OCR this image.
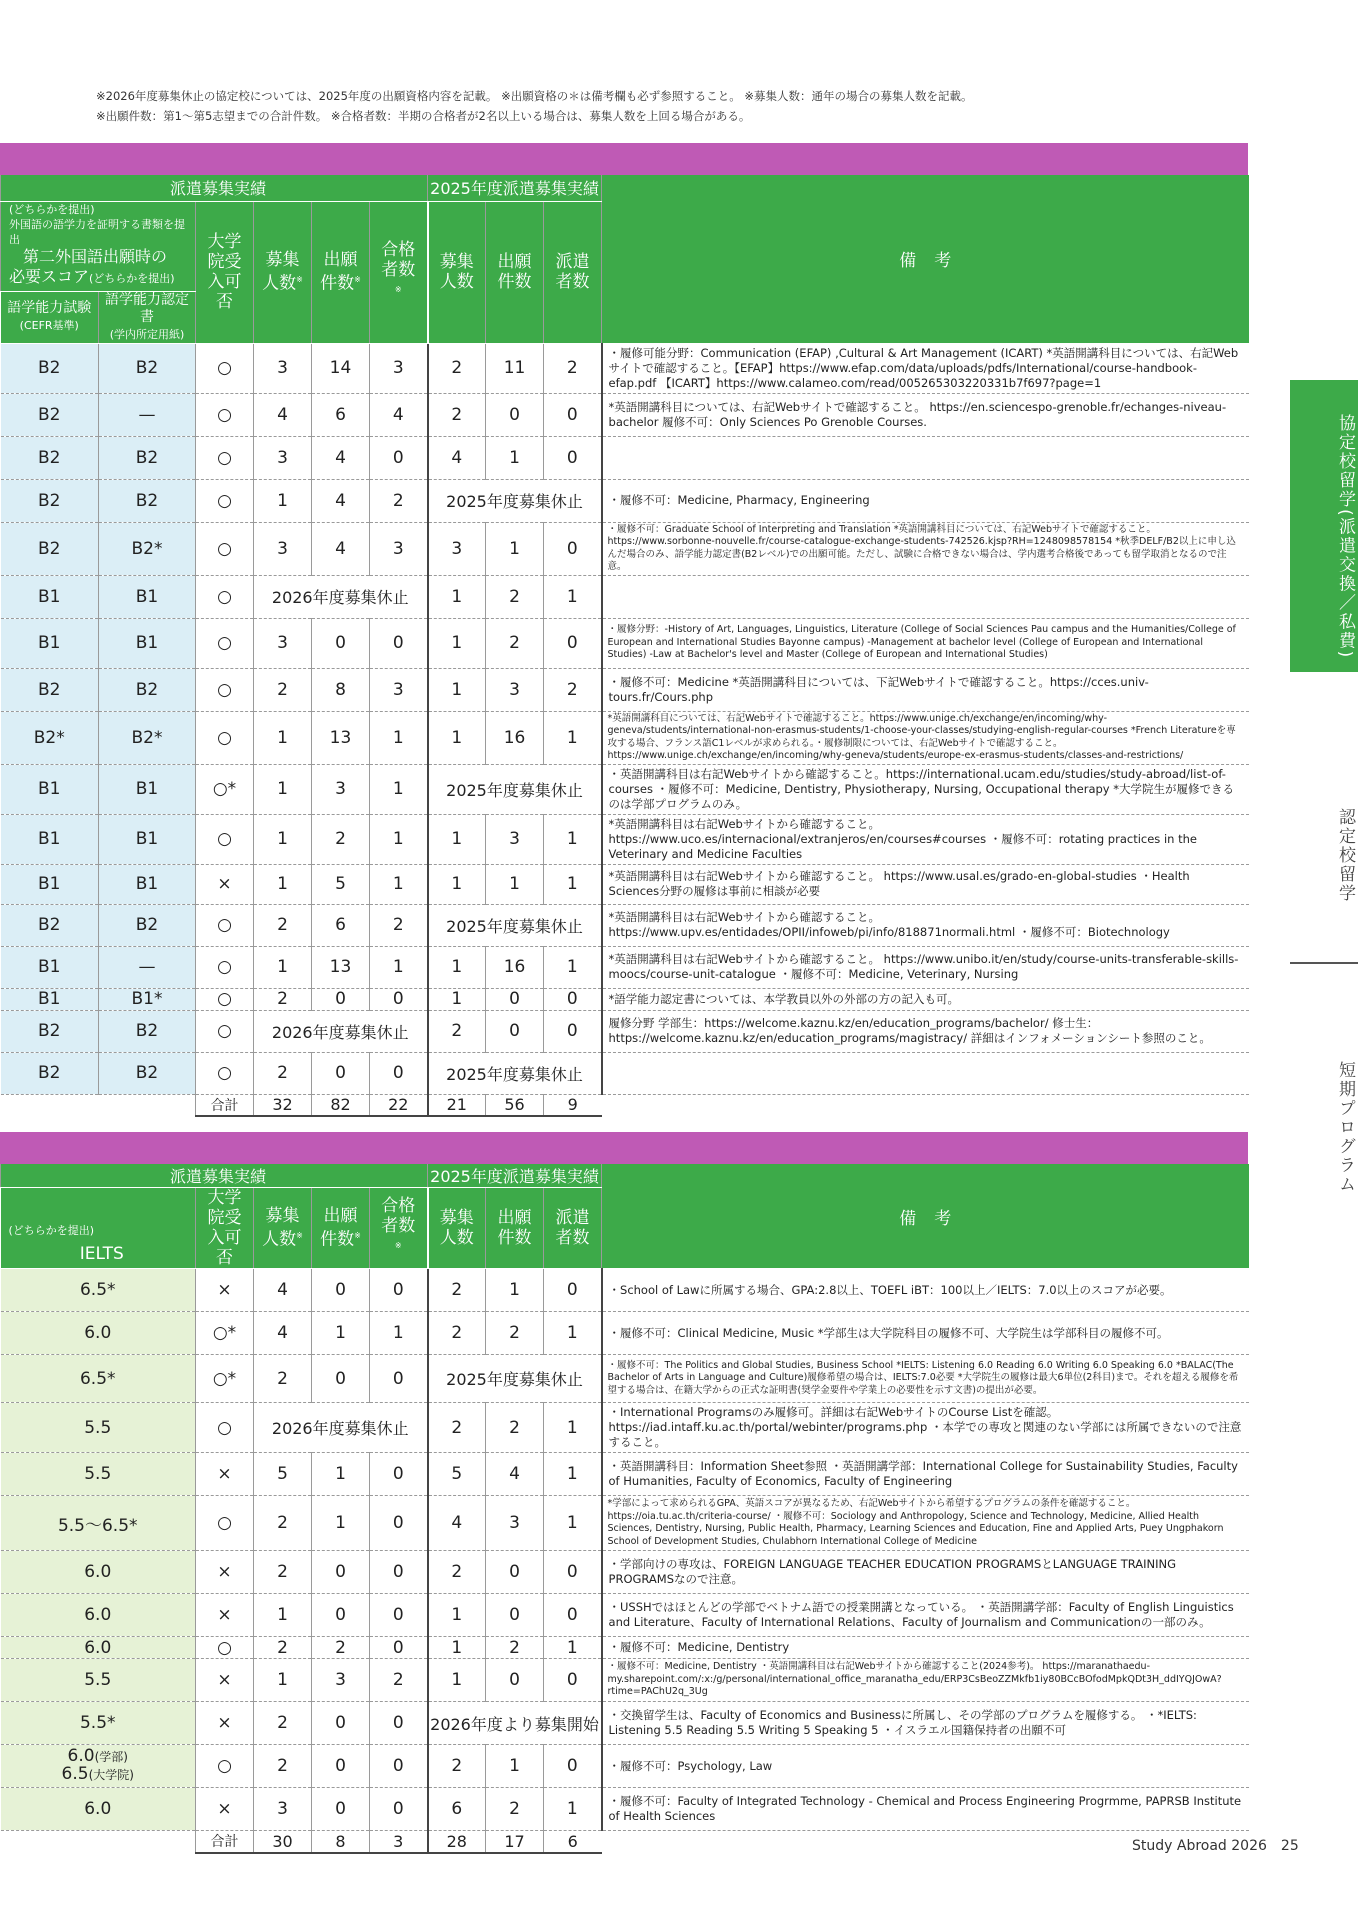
※2026年度募集休止の協定校については、2025年度の出願資格内容を記載。 ※出願資格の＊は備考欄も必ず参照すること。 ※募集人数：通年の場合の募集人数を記載。
※出願件数：第1〜第5志望までの合計件数。 ※合格者数：半期の合格者が2名以上いる場合は、募集人数を上回る場合がある。
派遣募集実績						2025年度派遣募集実績			備考

(どちらかを提出)
外国語の語学力を証明する書類を提出
第二外国語出願時の
必要スコア(どちらかを提出)		大学院受入可否	募集人数※	出願件数※	合格者数※	募集人数	出願件数	派遣者数	

語学能力試験
(CEFR基準)	語学能力認定書
(学内所定用紙)								

B2	B2	○	3	14	3	2	11	2	・履修可能分野：Communication (EFAP) ,Cultural & Art Management (ICART) *英語開講科目については、右記Webサイトで確認すること。【EFAP】https://www.efap.com/data/uploads/pdfs/International/course-handbook-efap.pdf 【ICART】https://www.calameo.com/read/005265303220331b7f697?page=1
B2	—	○	4	6	4	2	0	0	*英語開講科目については、右記Webサイトで確認すること。 https://en.sciencespo-grenoble.fr/echanges-niveau-bachelor 履修不可：Only Sciences Po Grenoble Courses.
B2	B2	○	3	4	0	4	1	0	
B2	B2	○	1	4	2	2025年度募集休止			・履修不可：Medicine, Pharmacy, Engineering
B2	B2*	○	3	4	3	3	1	0	・履修不可：Graduate School of Interpreting and Translation *英語開講科目については、右記Webサイトで確認すること。https://www.sorbonne-nouvelle.fr/course-catalogue-exchange-students-742526.kjsp?RH=1248098578154 *秋季DELF/B2以上に申し込んだ場合のみ、語学能力認定書(B2レベル)での出願可能。ただし、試験に合格できない場合は、学内選考合格後であっても留学取消となるので注意。
B1	B1	○	2026年度募集休止			1	2	1	
B1	B1	○	3	0	0	1	2	0	・履修分野：-History of Art, Languages, Linguistics, Literature (College of Social Sciences Pau campus and the Humanities/College of European and International Studies Bayonne campus) -Management at bachelor level (College of European and International Studies) -Law at Bachelor's level and Master (College of European and International Studies)
B2	B2	○	2	8	3	1	3	2	・履修不可：Medicine *英語開講科目については、下記Webサイトで確認すること。https://cces.univ-tours.fr/Cours.php
B2*	B2*	○	1	13	1	1	16	1	*英語開講科目については、右記Webサイトで確認すること。https://www.unige.ch/exchange/en/incoming/why-geneva/students/international-non-erasmus-students/1-choose-your-classes/studying-english-regular-courses *French Literatureを専攻する場合、フランス語C1レベルが求められる。・履修制限については、右記Webサイトで確認すること。https://www.unige.ch/exchange/en/incoming/why-geneva/students/europe-ex-erasmus-students/classes-and-restrictions/
B1	B1	○*	1	3	1	2025年度募集休止			・英語開講科目は右記Webサイトから確認すること。https://international.ucam.edu/studies/study-abroad/list-of-courses ・履修不可：Medicine, Dentistry, Physiotherapy, Nursing, Occupational therapy *大学院生が履修できるのは学部プログラムのみ。
B1	B1	○	1	2	1	1	3	1	*英語開講科目は右記Webサイトから確認すること。 https://www.uco.es/internacional/extranjeros/en/courses#courses ・履修不可：rotating practices in the Veterinary and Medicine Faculties
B1	B1	×	1	5	1	1	1	1	*英語開講科目は右記Webサイトから確認すること。 https://www.usal.es/grado-en-global-studies ・Health Sciences分野の履修は事前に相談が必要
B2	B2	○	2	6	2	2025年度募集休止			*英語開講科目は右記Webサイトから確認すること。 https://www.upv.es/entidades/OPII/infoweb/pi/info/818871normali.html ・履修不可：Biotechnology
B1	—	○	1	13	1	1	16	1	*英語開講科目は右記Webサイトから確認すること。 https://www.unibo.it/en/study/course-units-transferable-skills-moocs/course-unit-catalogue ・履修不可：Medicine, Veterinary, Nursing
B1	B1*	○	2	0	0	1	0	0	*語学能力認定書については、本学教員以外の外部の方の記入も可。
B2	B2	○	2026年度募集休止			2	0	0	履修分野 学部生：https://welcome.kaznu.kz/en/education_programs/bachelor/ 修士生：https://welcome.kaznu.kz/en/education_programs/magistracy/ 詳細はインフォメーションシート参照のこと。
B2	B2	○	2	0	0	2025年度募集休止			
		合計	32	82	22	21	56	9	
派遣募集実績					2025年度派遣募集実績			備考

(どちらかを提出)
IELTS	大学院受入可否	募集人数※	出願件数※	合格者数※	募集人数	出願件数	派遣者数	
6.5*	×	4	0	0	2	1	0	・School of Lawに所属する場合、GPA:2.8以上、TOEFL iBT：100以上／IELTS：7.0以上のスコアが必要。
6.0	○*	4	1	1	2	2	1	・履修不可：Clinical Medicine, Music *学部生は大学院科目の履修不可、大学院生は学部科目の履修不可。
6.5*	○*	2	0	0	2025年度募集休止			・履修不可：The Politics and Global Studies, Business School *IELTS: Listening 6.0 Reading 6.0 Writing 6.0 Speaking 6.0 *BALAC(The Bachelor of Arts in Language and Culture)履修希望の場合は、IELTS:7.0必要 *大学院生の履修は最大6単位(2科目)まで。それを超える履修を希望する場合は、在籍大学からの正式な証明書(奨学金要件や学業上の必要性を示す文書)の提出が必要。
5.5	○	2026年度募集休止			2	2	1	・International Programsのみ履修可。詳細は右記WebサイトのCourse Listを確認。 https://iad.intaff.ku.ac.th/portal/webinter/programs.php ・本学での専攻と関連のない学部には所属できないので注意すること。
5.5	×	5	1	0	5	4	1	・英語開講科目：Information Sheet参照 ・英語開講学部：International College for Sustainability Studies, Faculty of Humanities, Faculty of Economics, Faculty of Engineering
5.5〜6.5*	○	2	1	0	4	3	1	*学部によって求められるGPA、英語スコアが異なるため、右記Webサイトから希望するプログラムの条件を確認すること。https://oia.tu.ac.th/criteria-course/ ・履修不可：Sociology and Anthropology, Science and Technology, Medicine, Allied Health Sciences, Dentistry, Nursing, Public Health, Pharmacy, Learning Sciences and Education, Fine and Applied Arts, Puey Ungphakorn School of Development Studies, Chulabhorn International College of Medicine
6.0	×	2	0	0	2	0	0	・学部向けの専攻は、FOREIGN LANGUAGE TEACHER EDUCATION PROGRAMSとLANGUAGE TRAINING PROGRAMSなので注意。
6.0	×	1	0	0	1	0	0	・USSHではほとんどの学部でベトナム語での授業開講となっている。 ・英語開講学部：Faculty of English Linguistics and Literature、Faculty of International Relations、Faculty of Journalism and Communicationの一部のみ。
6.0	○	2	2	0	1	2	1	・履修不可：Medicine, Dentistry
5.5	×	1	3	2	1	0	0	・履修不可：Medicine, Dentistry ・英語開講科目は右記Webサイトから確認すること(2024参考)。 https://maranathaedu-my.sharepoint.com/:x:/g/personal/international_office_maranatha_edu/ERP3CsBeoZZMkfb1iy80BCcBOfodMpkQDt3H_ddIYQJOwA?rtime=PAChU2q_3Ug
5.5*	×	2	0	0	2026年度より募集開始			・交換留学生は、Faculty of Economics and Businessに所属し、その学部のプログラムを履修する。 ・*IELTS: Listening 5.5 Reading 5.5 Writing 5 Speaking 5 ・イスラエル国籍保持者の出願不可
6.0(学部)
6.5(大学院)	○	2	0	0	2	1	0	・履修不可：Psychology, Law
6.0	×	3	0	0	6	2	1	・履修不可：Faculty of Integrated Technology - Chemical and Process Engineering Progrmme, PAPRSB Institute of Health Sciences
	合計	30	8	3	28	17	6	
協定校留学(派遣交換／私費)
認定校留学
短期プログラム
Study Abroad 2026 25
